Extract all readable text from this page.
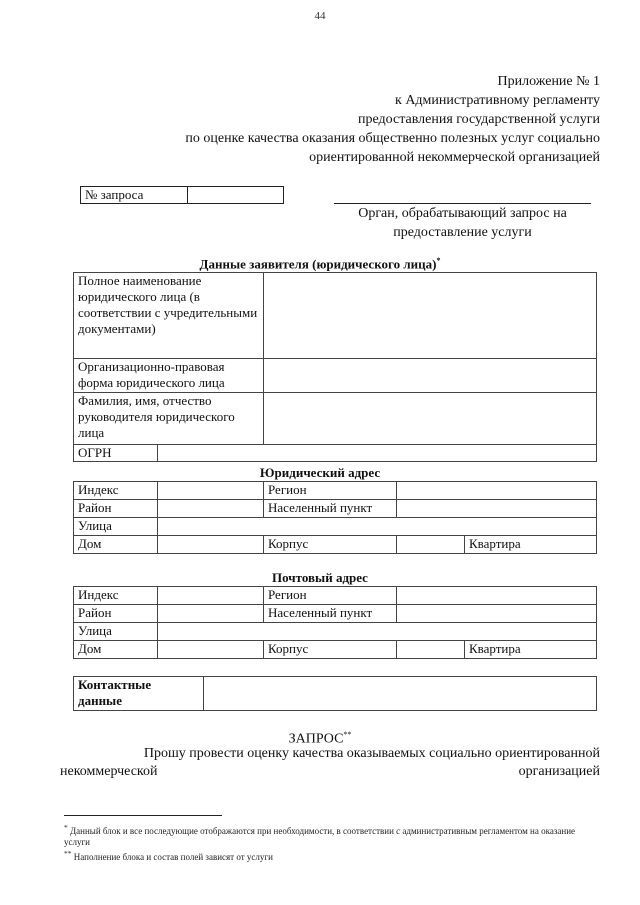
44
Приложение № 1
к Административному регламенту
предоставления государственной услуги
по оценке качества оказания общественно полезных услуг социально
ориентированной некоммерческой организацией
№ запроса
Орган, обрабатывающий запрос на
предоставление услуги
Данные заявителя (юридического лица)*
Полное наименование юридического лица (в соответствии с учредительными документами)		
Организационно-правовая форма юридического лица		
Фамилия, имя, отчество руководителя юридического лица		
ОГРН		
Юридический адрес
Индекс		Регион		
Район		Населенный пункт		
Улица				
Дом		Корпус		Квартира
Почтовый адрес
Индекс		Регион		
Район		Населенный пункт		
Улица				
Дом		Корпус		Квартира
Контактные
данные

ЗАПРОС**
Прошу провести оценку качества оказываемых социально ориентированной
некоммерческой	организацией
* Данный блок и все последующие отображаются при необходимости, в соответствии с административным регламентом на оказание услуги
** Наполнение блока и состав полей зависят от услуги
